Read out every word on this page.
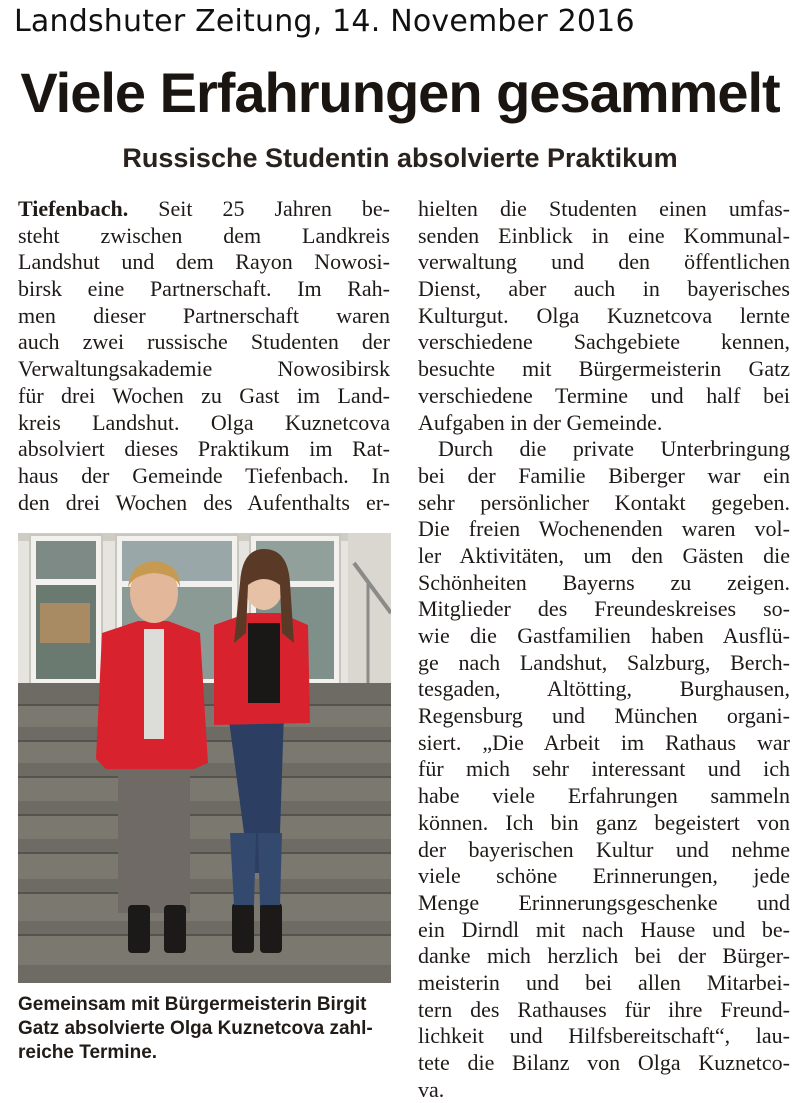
Landshuter Zeitung, 14. November 2016
Viele Erfahrungen gesammelt
Russische Studentin absolvierte Praktikum
Tiefenbach. Seit 25 Jahren be-
steht zwischen dem Landkreis
Landshut und dem Rayon Nowosi-
birsk eine Partnerschaft. Im Rah-
men dieser Partnerschaft waren
auch zwei russische Studenten der
Verwaltungsakademie Nowosibirsk
für drei Wochen zu Gast im Land-
kreis Landshut. Olga Kuznetcova
absolviert dieses Praktikum im Rat-
haus der Gemeinde Tiefenbach. In
den drei Wochen des Aufenthalts er-
Gemeinsam mit Bürgermeisterin Birgit
Gatz absolvierte Olga Kuznetcova zahl-
reiche Termine.
hielten die Studenten einen umfas-
senden Einblick in eine Kommunal-
verwaltung und den öffentlichen
Dienst, aber auch in bayerisches
Kulturgut. Olga Kuznetcova lernte
verschiedene Sachgebiete kennen,
besuchte mit Bürgermeisterin Gatz
verschiedene Termine und half bei
Aufgaben in der Gemeinde.
Durch die private Unterbringung
bei der Familie Biberger war ein
sehr persönlicher Kontakt gegeben.
Die freien Wochenenden waren vol-
ler Aktivitäten, um den Gästen die
Schönheiten Bayerns zu zeigen.
Mitglieder des Freundeskreises so-
wie die Gastfamilien haben Ausflü-
ge nach Landshut, Salzburg, Berch-
tesgaden, Altötting, Burghausen,
Regensburg und München organi-
siert. „Die Arbeit im Rathaus war
für mich sehr interessant und ich
habe viele Erfahrungen sammeln
können. Ich bin ganz begeistert von
der bayerischen Kultur und nehme
viele schöne Erinnerungen, jede
Menge Erinnerungsgeschenke und
ein Dirndl mit nach Hause und be-
danke mich herzlich bei der Bürger-
meisterin und bei allen Mitarbei-
tern des Rathauses für ihre Freund-
lichkeit und Hilfsbereitschaft“, lau-
tete die Bilanz von Olga Kuznetco-
va.
